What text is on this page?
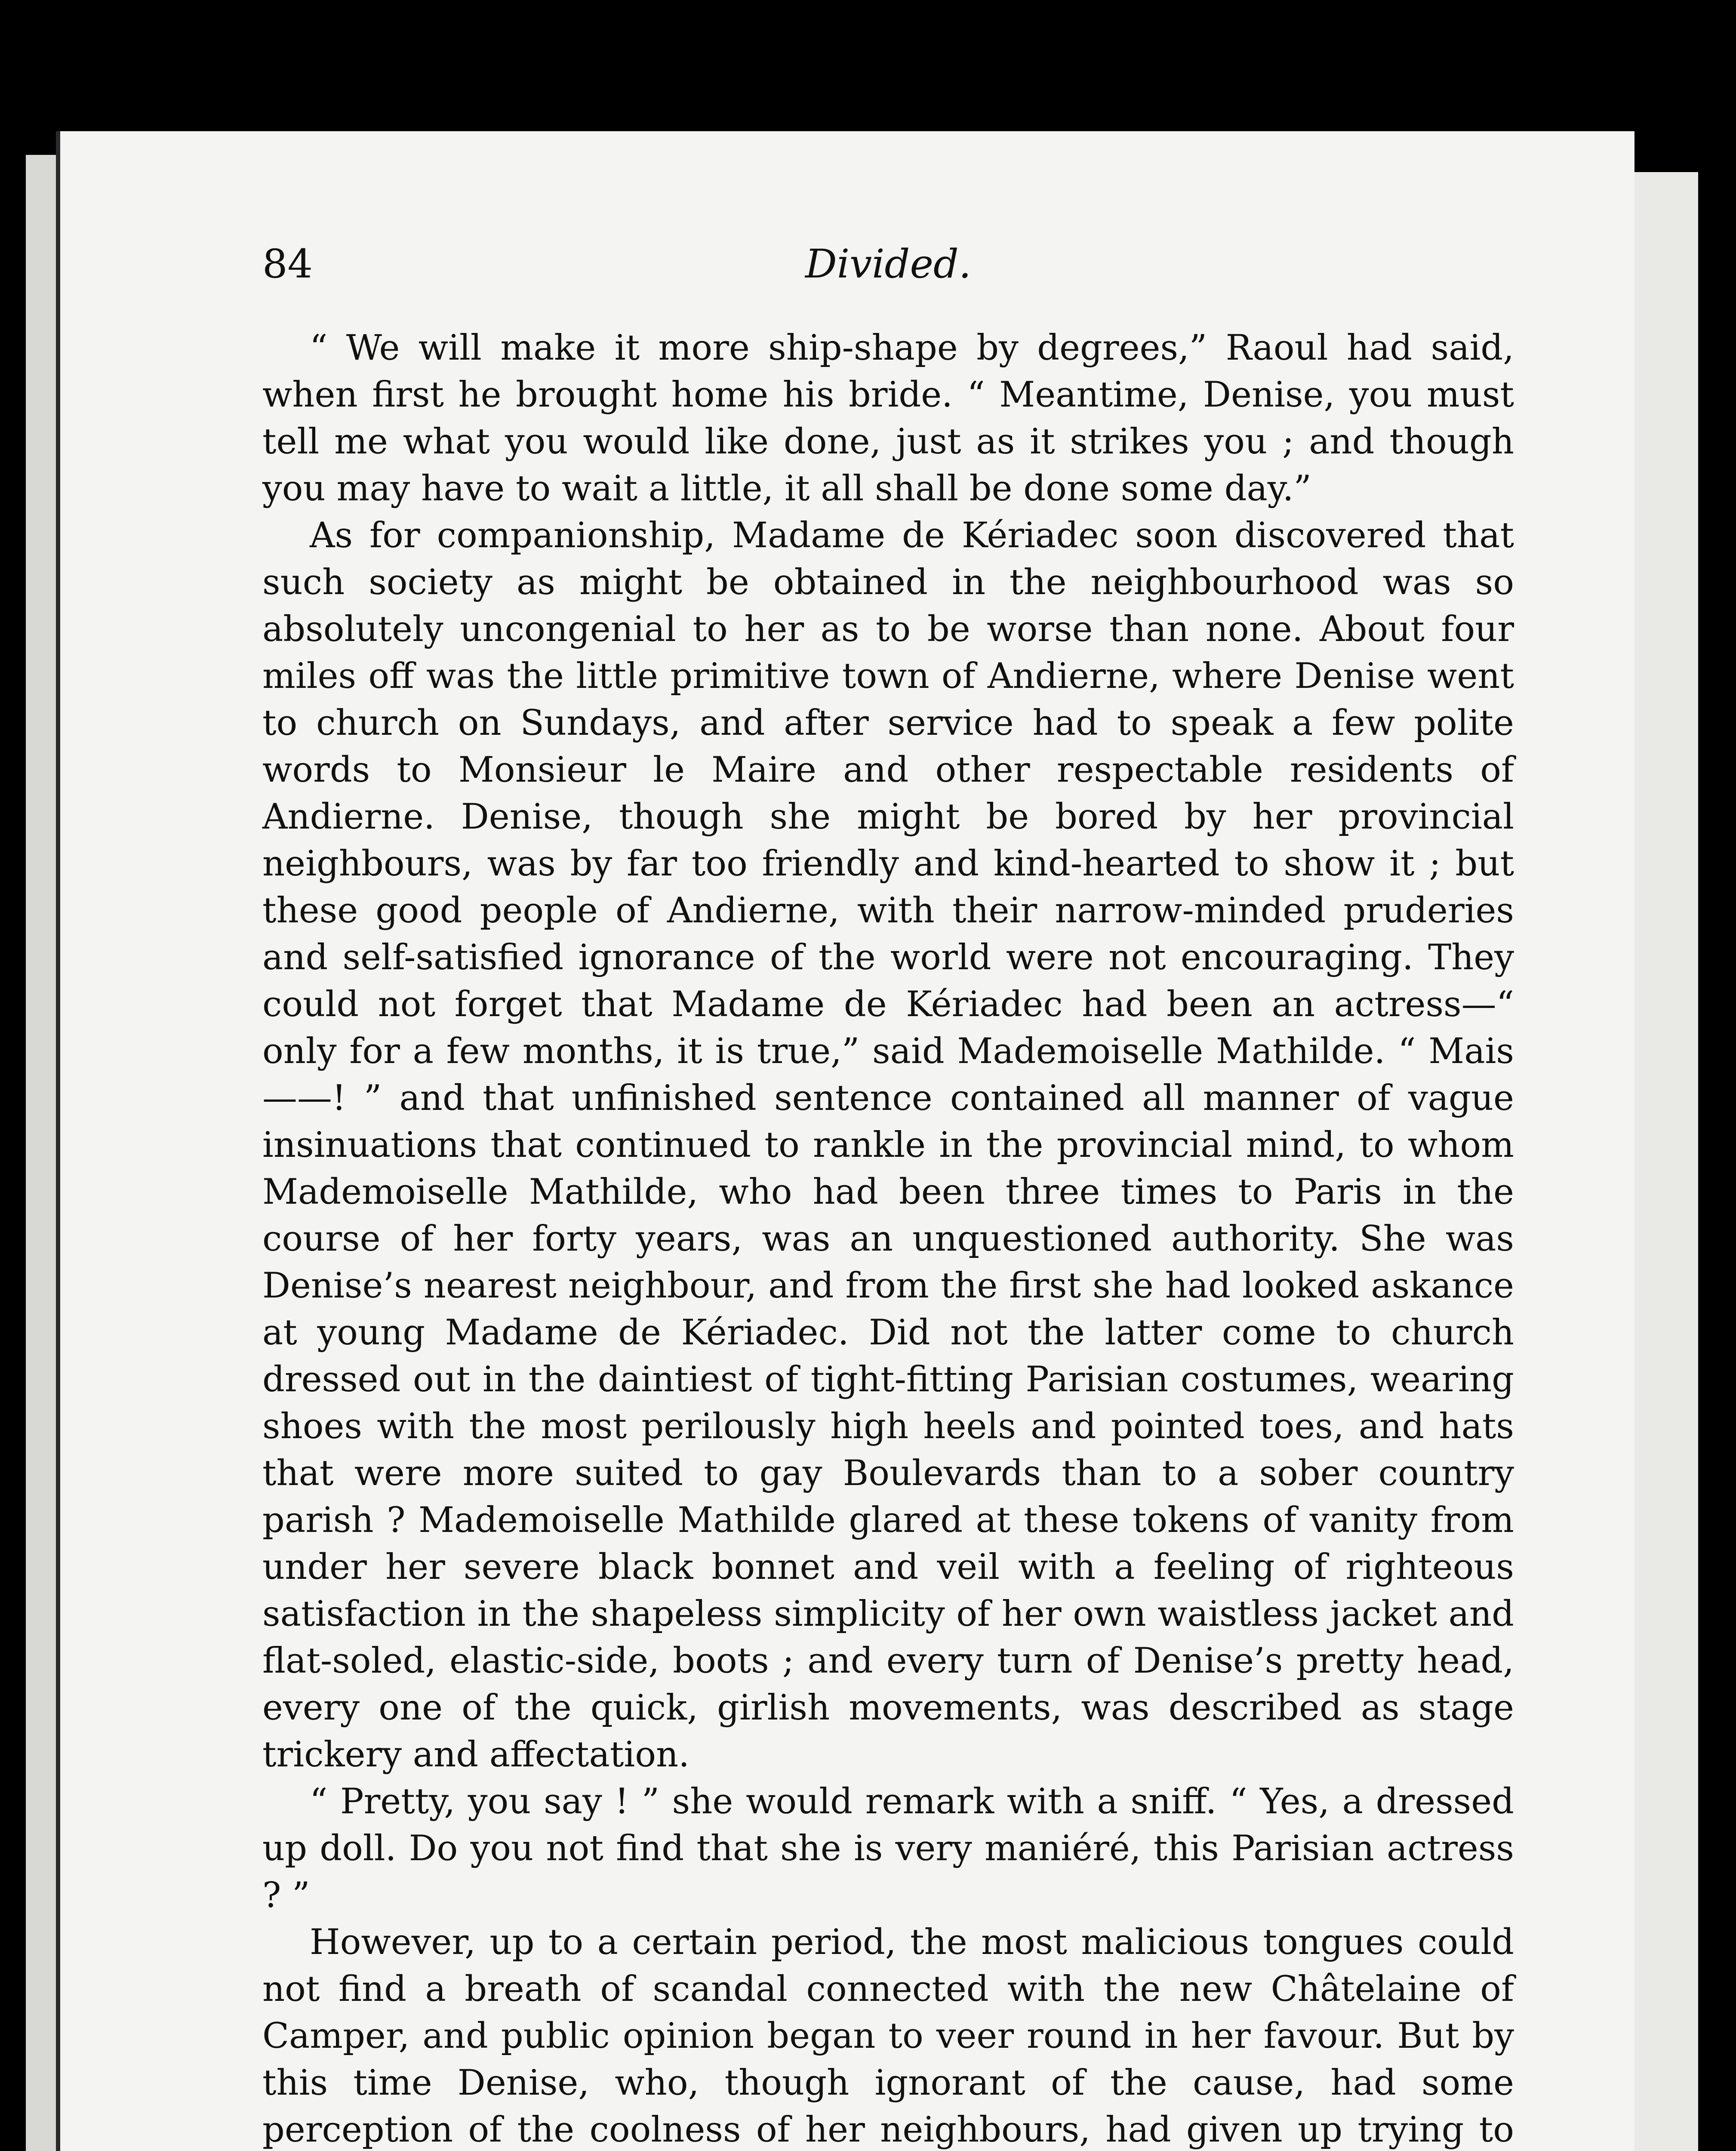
84	Divided.

“ We will make it more ship-shape by degrees,” Raoul had said, when first he brought home his bride. “ Meantime, Denise, you must tell me what you would like done, just as it strikes you ; and though you may have to wait a little, it all shall be done some day.”

As for companionship, Madame de Kériadec soon discovered that such society as might be obtained in the neighbourhood was so absolutely uncongenial to her as to be worse than none. About four miles off was the little primitive town of Andierne, where Denise went to church on Sundays, and after service had to speak a few polite words to Monsieur le Maire and other respectable residents of Andierne. Denise, though she might be bored by her provincial neighbours, was by far too friendly and kind-hearted to show it ; but these good people of Andierne, with their narrow-minded pruderies and self-satisfied ignorance of the world were not encouraging. They could not forget that Madame de Kériadec had been an actress—“ only for a few months, it is true,” said Mademoiselle Mathilde. “ Mais——! ” and that unfinished sentence contained all manner of vague insinuations that continued to rankle in the provincial mind, to whom Mademoiselle Mathilde, who had been three times to Paris in the course of her forty years, was an unquestioned authority. She was Denise’s nearest neighbour, and from the first she had looked askance at young Madame de Kériadec. Did not the latter come to church dressed out in the daintiest of tight-fitting Parisian costumes, wearing shoes with the most perilously high heels and pointed toes, and hats that were more suited to gay Boulevards than to a sober country parish ? Mademoiselle Mathilde glared at these tokens of vanity from under her severe black bonnet and veil with a feeling of righteous satisfaction in the shapeless simplicity of her own waistless jacket and flat-soled, elastic-side, boots ; and every turn of Denise’s pretty head, every one of the quick, girlish movements, was described as stage trickery and affectation.

“ Pretty, you say ! ” she would remark with a sniff. “ Yes, a dressed up doll. Do you not find that she is very maniéré, this Parisian actress ? ”

However, up to a certain period, the most malicious tongues could not find a breath of scandal connected with the new Châtelaine of Camper, and public opinion began to veer round in her favour. But by this time Denise, who, though ignorant of the cause, had some perception of the coolness of her neighbours, had given up trying to
